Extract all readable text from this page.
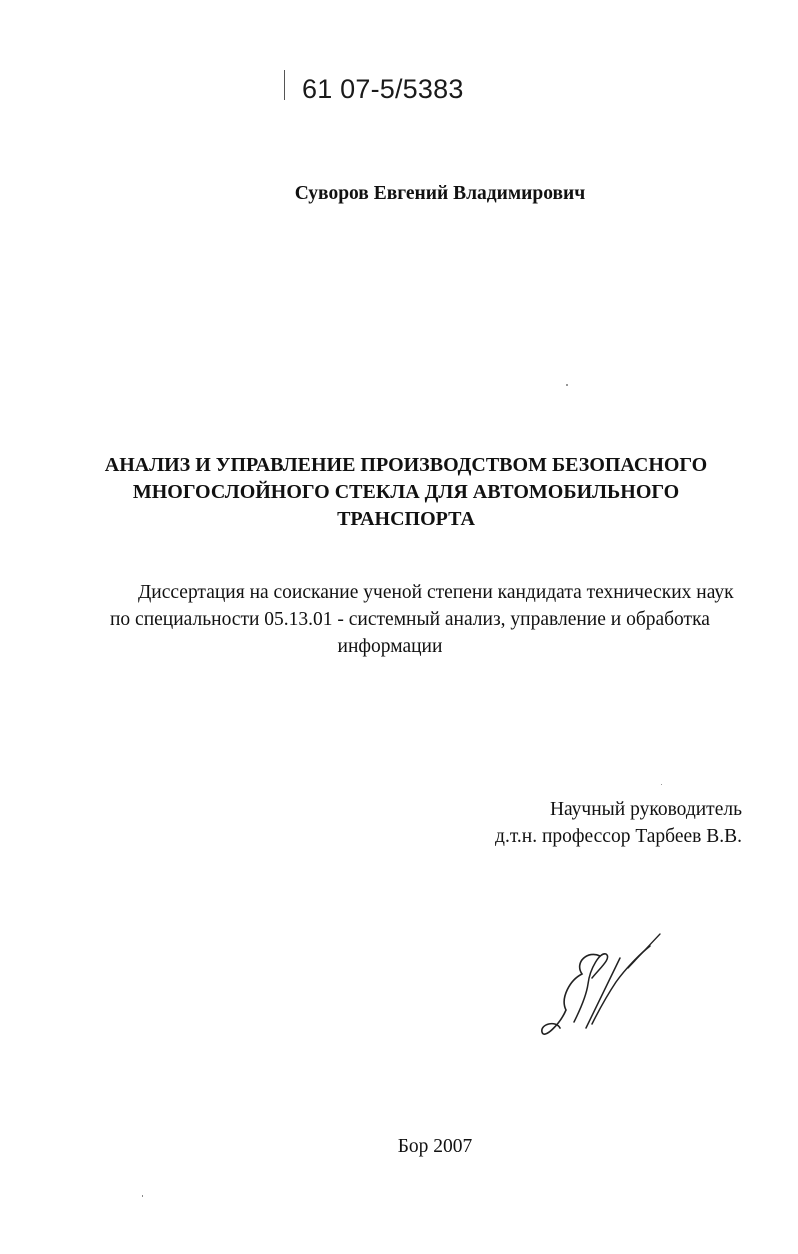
61 07-5/5383
Суворов Евгений Владимирович
АНАЛИЗ И УПРАВЛЕНИЕ ПРОИЗВОДСТВОМ БЕЗОПАСНОГО
МНОГОСЛОЙНОГО СТЕКЛА ДЛЯ АВТОМОБИЛЬНОГО
ТРАНСПОРТА
Диссертация на соискание ученой степени кандидата технических наук
по специальности 05.13.01 - системный анализ, управление и обработка
информации
Научный руководитель
д.т.н. профессор Тарбеев В.В.
Бор 2007
